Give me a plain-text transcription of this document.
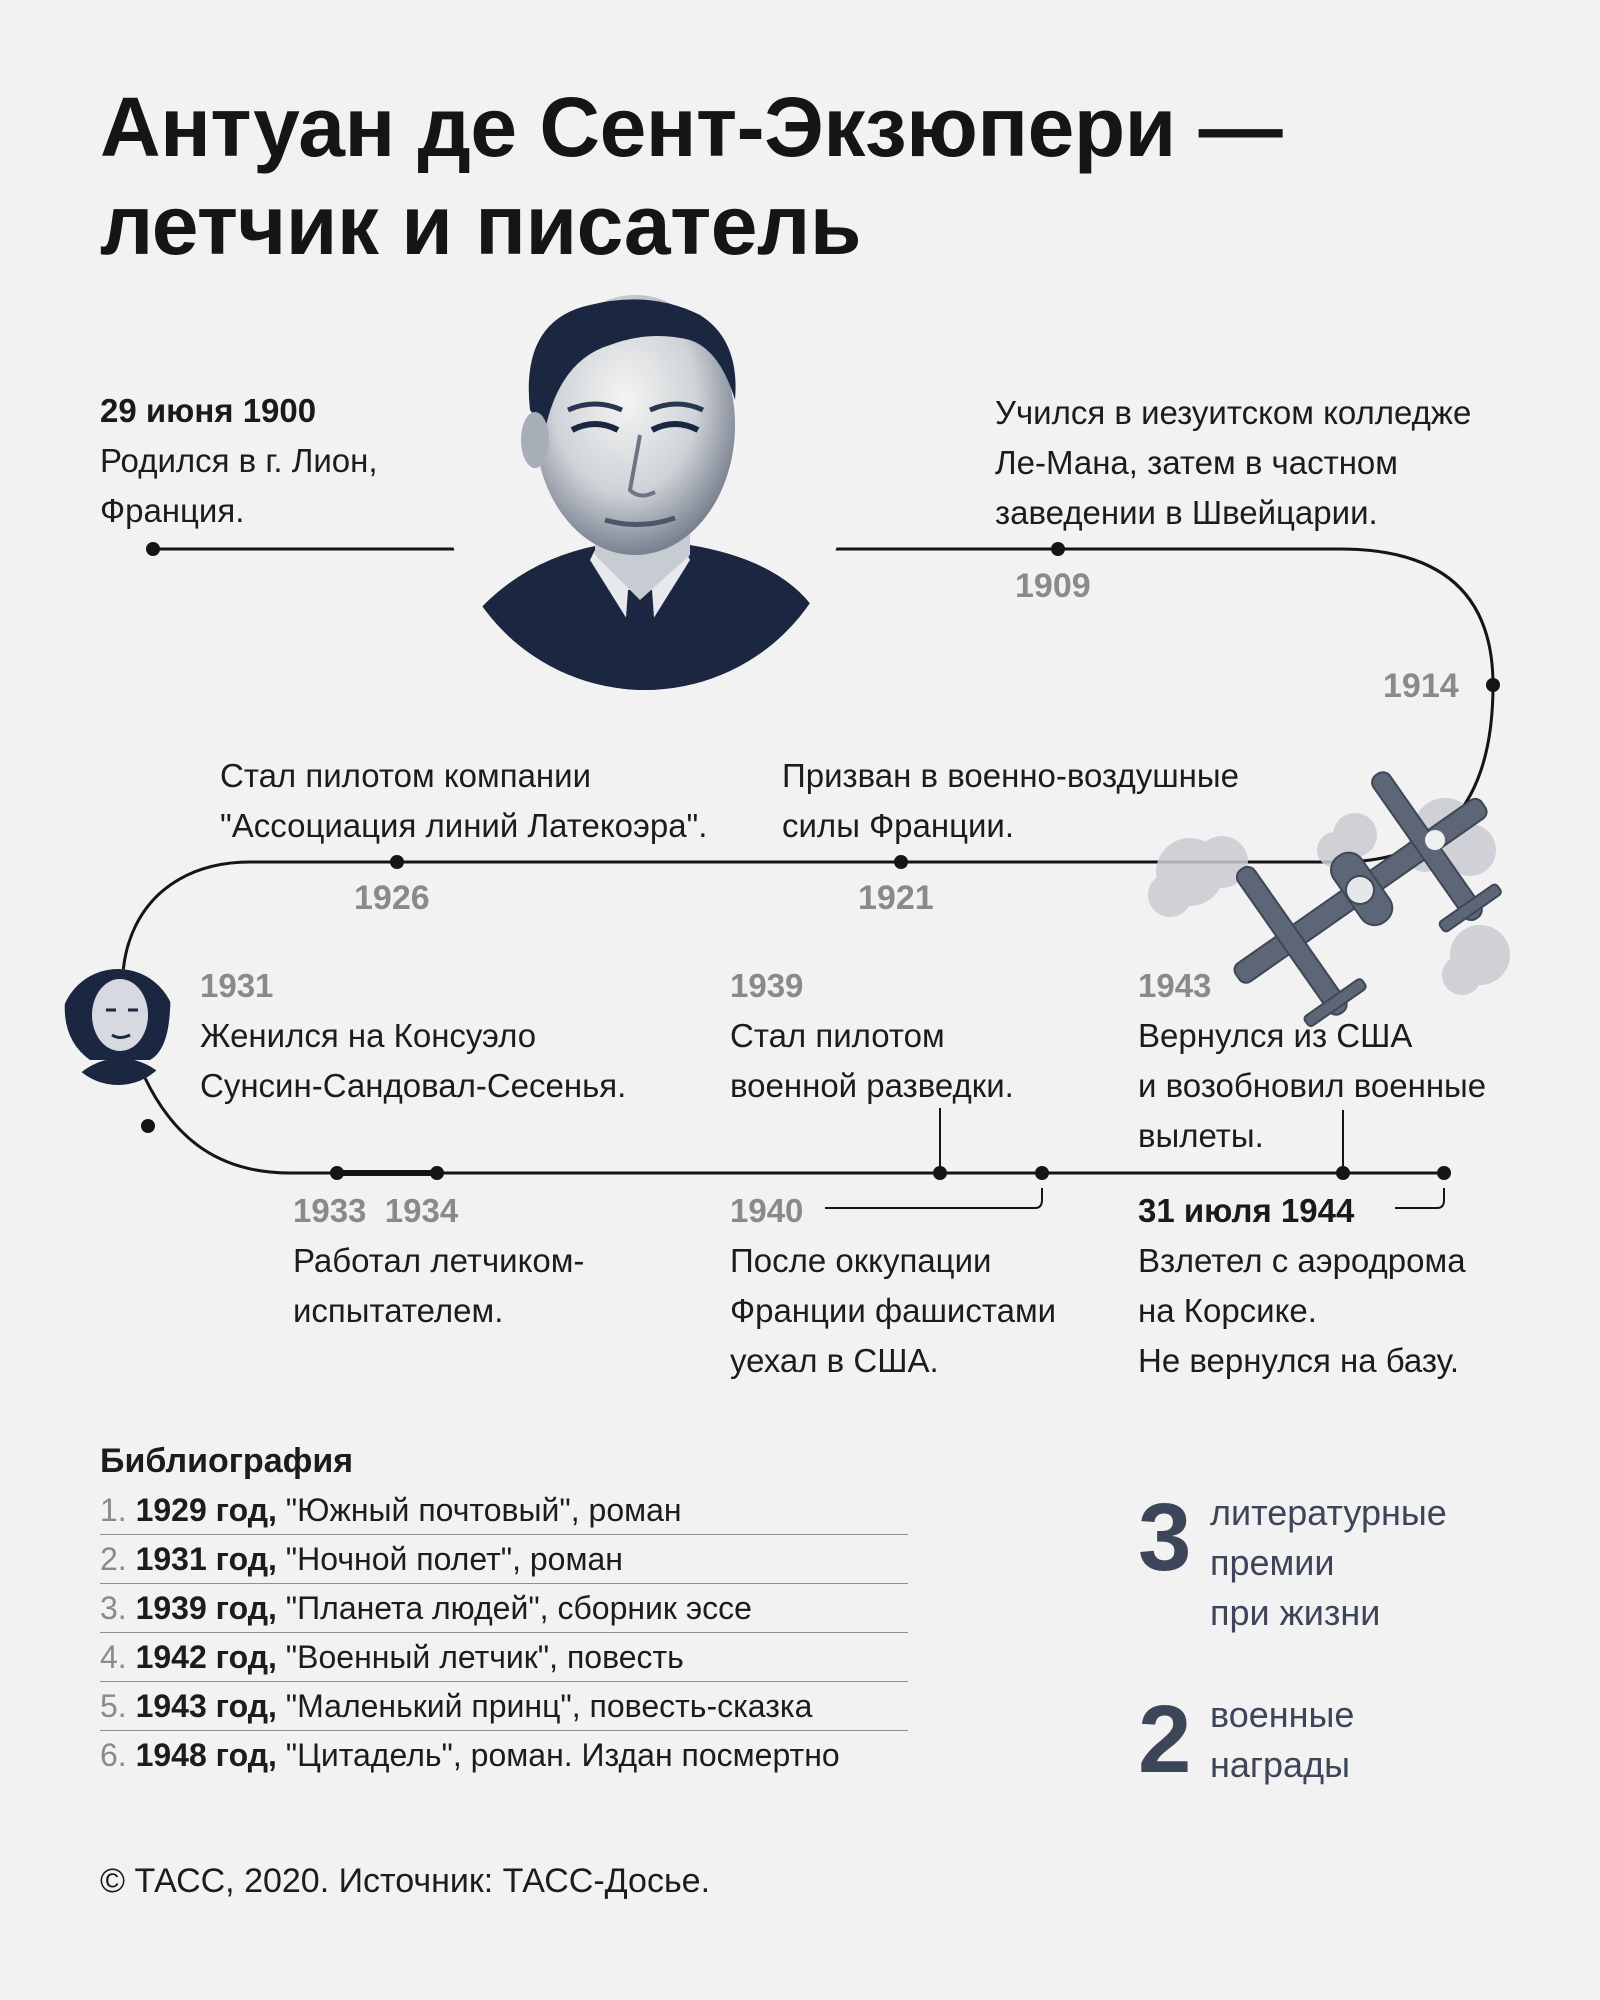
Антуан де Сент-Экзюпери —
летчик и писатель
29 июня 1900
Родился в г. Лион,
Франция.
Учился в иезуитском колледже
Ле-Мана, затем в частном
заведении в Швейцарии.
1909
1914
Стал пилотом компании
"Ассоциация линий Латекоэра".
1926
Призван в военно-воздушные
силы Франции.
1921
1931
Женился на Консуэло
Сунсин-Сандовал-Сесенья.
1939
Стал пилотом
военной разведки.
1943
Вернулся из США
и возобновил военные
вылеты.
1933 1934
Работал летчиком-
испытателем.
1940
После оккупации
Франции фашистами
уехал в США.
31 июля 1944
Взлетел с аэродрома
на Корсике.
Не вернулся на базу.
Библиография
1. 1929 год, "Южный почтовый", роман
2. 1931 год, "Ночной полет", роман
3. 1939 год, "Планета людей", сборник эссе
4. 1942 год, "Военный летчик", повесть
5. 1943 год, "Маленький принц", повесть-сказка
6. 1948 год, "Цитадель", роман. Издан посмертно
3 литературные
премии
при жизни
2 военные
награды
© ТАСС, 2020. Источник: ТАСС-Досье.
